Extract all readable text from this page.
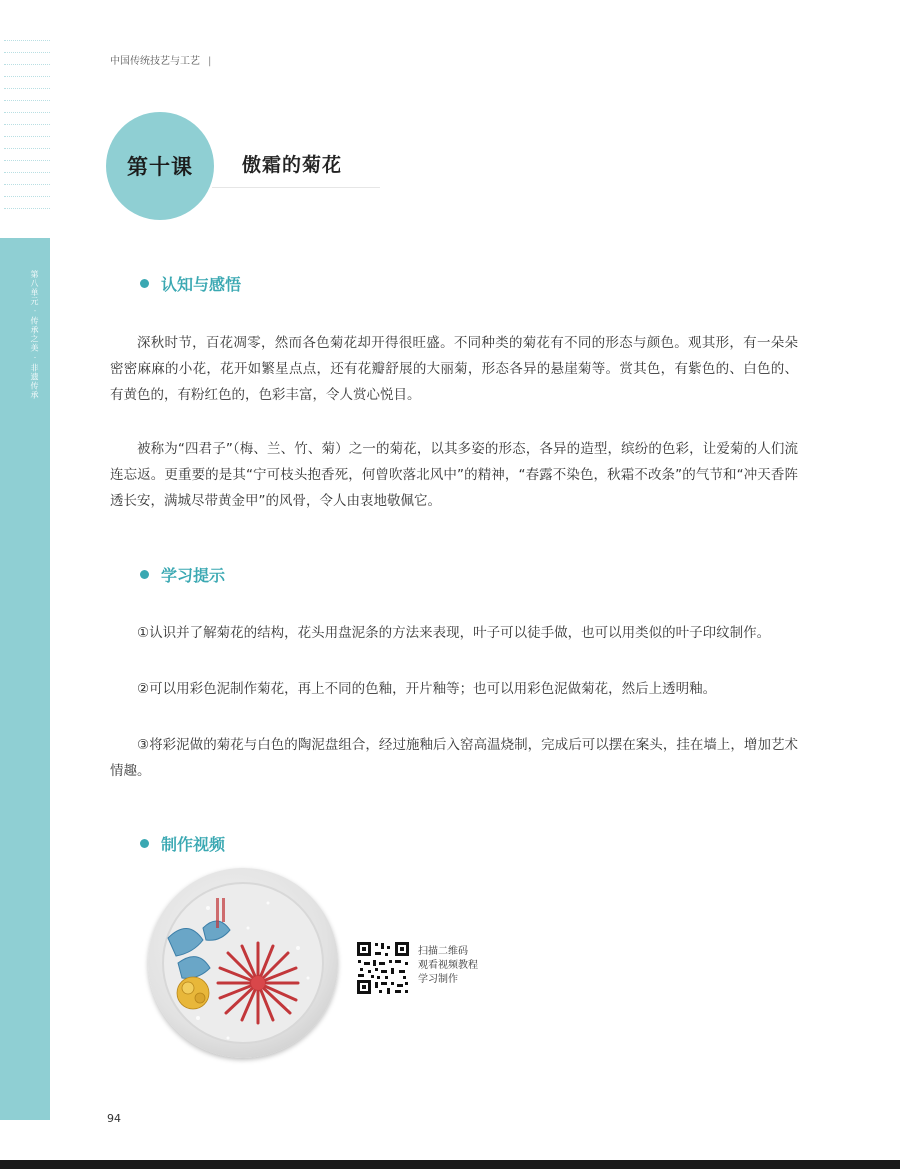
第八单元 · 传承之美 · 非遗传承
中国传统技艺与工艺 |
第十课	傲霜的菊花
认知与感悟

深秋时节，百花凋零，然而各色菊花却开得很旺盛。不同种类的菊花有不同的形态与颜色。观其形，有一朵朵密密麻麻的小花，花开如繁星点点，还有花瓣舒展的大丽菊，形态各异的悬崖菊等。赏其色，有紫色的、白色的、有黄色的，有粉红色的，色彩丰富，令人赏心悦目。

被称为“四君子”（梅、兰、竹、菊）之一的菊花，以其多姿的形态，各异的造型，缤纷的色彩，让爱菊的人们流连忘返。更重要的是其“宁可枝头抱香死，何曾吹落北风中”的精神，“春露不染色，秋霜不改条”的气节和“冲天香阵透长安，满城尽带黄金甲”的风骨，令人由衷地敬佩它。

学习提示

①认识并了解菊花的结构，花头用盘泥条的方法来表现，叶子可以徒手做，也可以用类似的叶子印纹制作。

②可以用彩色泥制作菊花，再上不同的色釉，开片釉等；也可以用彩色泥做菊花，然后上透明釉。

③将彩泥做的菊花与白色的陶泥盘组合，经过施釉后入窑高温烧制，完成后可以摆在案头，挂在墙上，增加艺术情趣。

制作视频
扫描二维码
观看视频教程
学习制作
94
